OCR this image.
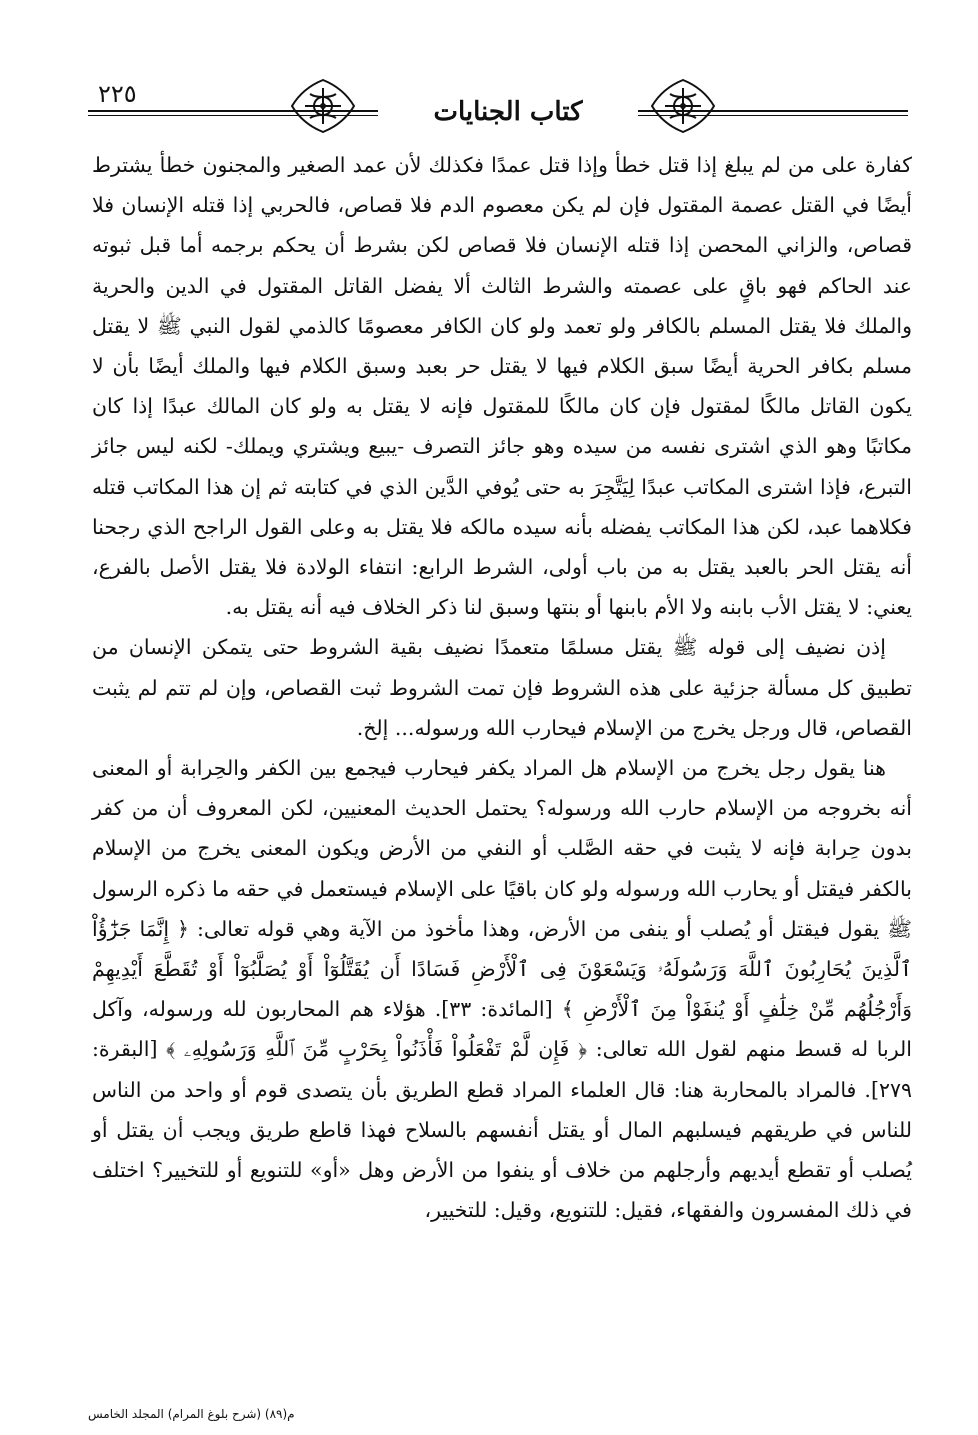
٢٢٥
كتاب الجنايات

كفارة على من لم يبلغ إذا قتل خطأ وإذا قتل عمدًا فكذلك لأن عمد الصغير والمجنون خطأ يشترط أيضًا في القتل عصمة المقتول فإن لم يكن معصوم الدم فلا قصاص، فالحربي إذا قتله الإنسان فلا قصاص، والزاني المحصن إذا قتله الإنسان فلا قصاص لكن بشرط أن يحكم برجمه أما قبل ثبوته عند الحاكم فهو باقٍ على عصمته والشرط الثالث ألا يفضل القاتل المقتول في الدين والحرية والملك فلا يقتل المسلم بالكافر ولو تعمد ولو كان الكافر معصومًا كالذمي لقول النبي ﷺ لا يقتل مسلم بكافر الحرية أيضًا سبق الكلام فيها لا يقتل حر بعبد وسبق الكلام فيها والملك أيضًا بأن لا يكون القاتل مالكًا لمقتول فإن كان مالكًا للمقتول فإنه لا يقتل به ولو كان المالك عبدًا إذا كان مكاتبًا وهو الذي اشترى نفسه من سيده وهو جائز التصرف -يبيع ويشتري ويملك- لكنه ليس جائز التبرع، فإذا اشترى المكاتب عبدًا لِيَتَّجِرَ به حتى يُوفي الدَّين الذي في كتابته ثم إن هذا المكاتب قتله فكلاهما عبد، لكن هذا المكاتب يفضله بأنه سيده مالكه فلا يقتل به وعلى القول الراجح الذي رجحنا أنه يقتل الحر بالعبد يقتل به من باب أولى، الشرط الرابع: انتفاء الولادة فلا يقتل الأصل بالفرع، يعني: لا يقتل الأب بابنه ولا الأم بابنها أو بنتها وسبق لنا ذكر الخلاف فيه أنه يقتل به.

إذن نضيف إلى قوله ﷺ يقتل مسلمًا متعمدًا نضيف بقية الشروط حتى يتمكن الإنسان من تطبيق كل مسألة جزئية على هذه الشروط فإن تمت الشروط ثبت القصاص، وإن لم تتم لم يثبت القصاص، قال ورجل يخرج من الإسلام فيحارب الله ورسوله... إلخ.

هنا يقول رجل يخرج من الإسلام هل المراد يكفر فيحارب فيجمع بين الكفر والحِرابة أو المعنى أنه بخروجه من الإسلام حارب الله ورسوله؟ يحتمل الحديث المعنيين، لكن المعروف أن من كفر بدون حِرابة فإنه لا يثبت في حقه الصَّلب أو النفي من الأرض ويكون المعنى يخرج من الإسلام بالكفر فيقتل أو يحارب الله ورسوله ولو كان باقيًا على الإسلام فيستعمل في حقه ما ذكره الرسول ﷺ يقول فيقتل أو يُصلب أو ينفى من الأرض، وهذا مأخوذ من الآية وهي قوله تعالى: ﴿ إِنَّمَا جَزَٰٓؤُاْ ٱلَّذِينَ يُحَارِبُونَ ٱللَّهَ وَرَسُولَهُۥ وَيَسْعَوْنَ فِى ٱلْأَرْضِ فَسَادًا أَن يُقَتَّلُوٓاْ أَوْ يُصَلَّبُوٓاْ أَوْ تُقَطَّعَ أَيْدِيهِمْ وَأَرْجُلُهُم مِّنْ خِلَٰفٍ أَوْ يُنفَوْاْ مِنَ ٱلْأَرْضِ ﴾ [المائدة: ٣٣]. هؤلاء هم المحاربون لله ورسوله، وآكل الربا له قسط منهم لقول الله تعالى: ﴿ فَإِن لَّمْ تَفْعَلُواْ فَأْذَنُواْ بِحَرْبٍ مِّنَ ٱللَّهِ وَرَسُولِهِۦ ﴾ [البقرة: ٢٧٩]. فالمراد بالمحاربة هنا: قال العلماء المراد قطع الطريق بأن يتصدى قوم أو واحد من الناس للناس في طريقهم فيسلبهم المال أو يقتل أنفسهم بالسلاح فهذا قاطع طريق ويجب أن يقتل أو يُصلب أو تقطع أيديهم وأرجلهم من خلاف أو ينفوا من الأرض وهل «أو» للتنويع أو للتخيير؟ اختلف في ذلك المفسرون والفقهاء، فقيل: للتنويع، وقيل: للتخيير،

م(٨٩) (شرح بلوغ المرام) المجلد الخامس
